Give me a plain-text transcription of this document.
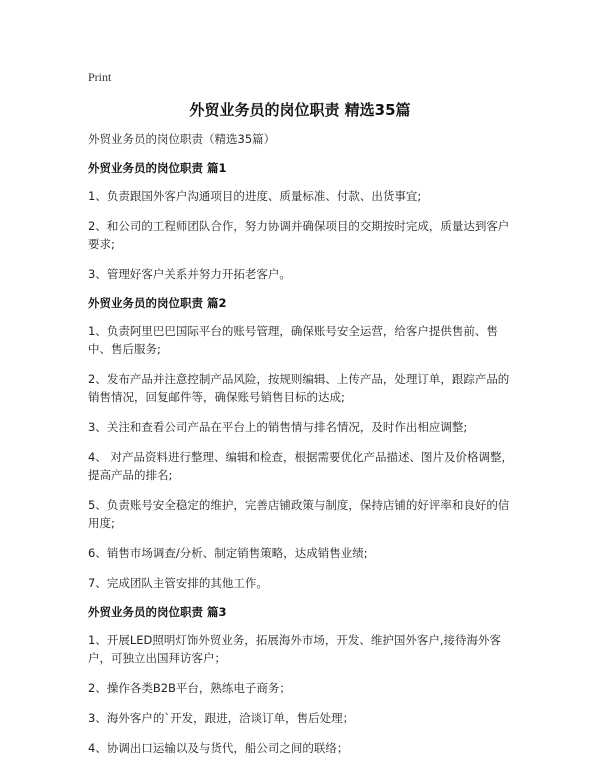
Print
外贸业务员的岗位职责 精选35篇
外贸业务员的岗位职责（精选35篇）
外贸业务员的岗位职责 篇1
1、负责跟国外客户沟通项目的进度、质量标准、付款、出货事宜;
2、和公司的工程师团队合作，努力协调并确保项目的交期按时完成，质量达到客户要求;
3、管理好客户关系并努力开拓老客户。
外贸业务员的岗位职责 篇2
1、负责阿里巴巴国际平台的账号管理，确保账号安全运营，给客户提供售前、售中、售后服务;
2、发布产品并注意控制产品风险，按规则编辑、上传产品，处理订单，跟踪产品的销售情况，回复邮件等，确保账号销售目标的达成;
3、关注和查看公司产品在平台上的销售情与排名情况，及时作出相应调整;
4、 对产品资料进行整理、编辑和检查，根据需要优化产品描述、图片及价格调整，提高产品的排名;
5、负责账号安全稳定的维护，完善店铺政策与制度，保持店铺的好评率和良好的信用度;
6、销售市场调查/分析、制定销售策略，达成销售业绩;
7、完成团队主管安排的其他工作。
外贸业务员的岗位职责 篇3
1、开展LED照明灯饰外贸业务，拓展海外市场，开发、维护国外客户,接待海外客户，可独立出国拜访客户；
2、操作各类B2B平台，熟练电子商务；
3、海外客户的`开发，跟进，洽谈订单，售后处理；
4、协调出口运输以及与货代，船公司之间的联络；
